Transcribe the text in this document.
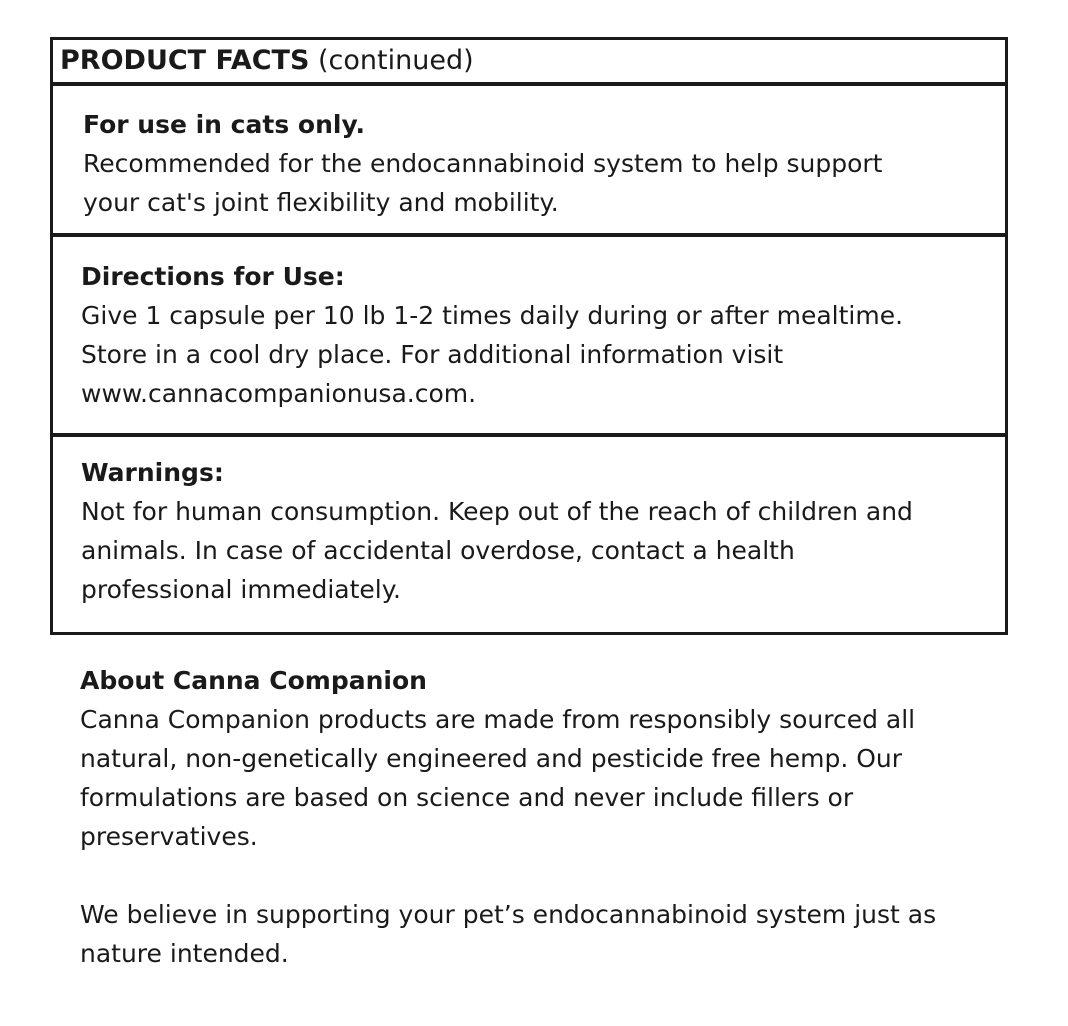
PRODUCT FACTS (continued)
For use in cats only.
Recommended for the endocannabinoid system to help support
your cat's joint flexibility and mobility.
Directions for Use:
Give 1 capsule per 10 lb 1-2 times daily during or after mealtime.
Store in a cool dry place. For additional information visit
www.cannacompanionusa.com.
Warnings:
Not for human consumption. Keep out of the reach of children and
animals. In case of accidental overdose, contact a health
professional immediately.
About Canna Companion
Canna Companion products are made from responsibly sourced all
natural, non-genetically engineered and pesticide free hemp. Our
formulations are based on science and never include fillers or
preservatives.
We believe in supporting your pet’s endocannabinoid system just as
nature intended.
